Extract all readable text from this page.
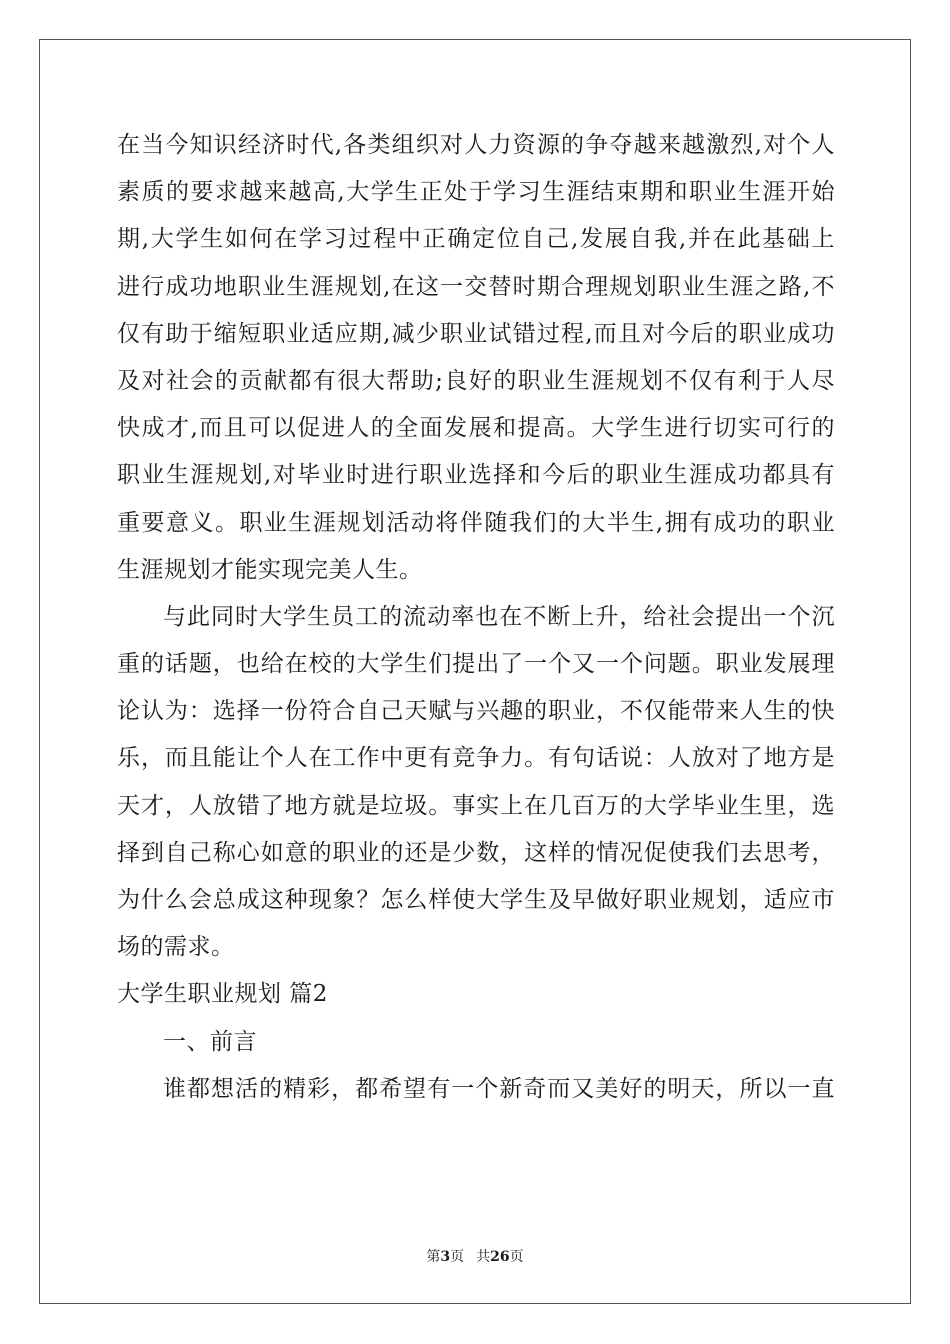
在当今知识经济时代,各类组织对人力资源的争夺越来越激烈,对个人
素质的要求越来越高,大学生正处于学习生涯结束期和职业生涯开始
期,大学生如何在学习过程中正确定位自己,发展自我,并在此基础上
进行成功地职业生涯规划,在这一交替时期合理规划职业生涯之路,不
仅有助于缩短职业适应期,减少职业试错过程,而且对今后的职业成功
及对社会的贡献都有很大帮助;良好的职业生涯规划不仅有利于人尽
快成才,而且可以促进人的全面发展和提高。大学生进行切实可行的
职业生涯规划,对毕业时进行职业选择和今后的职业生涯成功都具有
重要意义。职业生涯规划活动将伴随我们的大半生,拥有成功的职业
生涯规划才能实现完美人生。
与此同时大学生员工的流动率也在不断上升，给社会提出一个沉
重的话题，也给在校的大学生们提出了一个又一个问题。职业发展理
论认为：选择一份符合自己天赋与兴趣的职业，不仅能带来人生的快
乐，而且能让个人在工作中更有竞争力。有句话说：人放对了地方是
天才，人放错了地方就是垃圾。事实上在几百万的大学毕业生里，选
择到自己称心如意的职业的还是少数，这样的情况促使我们去思考，
为什么会总成这种现象？怎么样使大学生及早做好职业规划，适应市
场的需求。
大学生职业规划 篇2
一、前言
谁都想活的精彩，都希望有一个新奇而又美好的明天，所以一直
第3页 共26页
